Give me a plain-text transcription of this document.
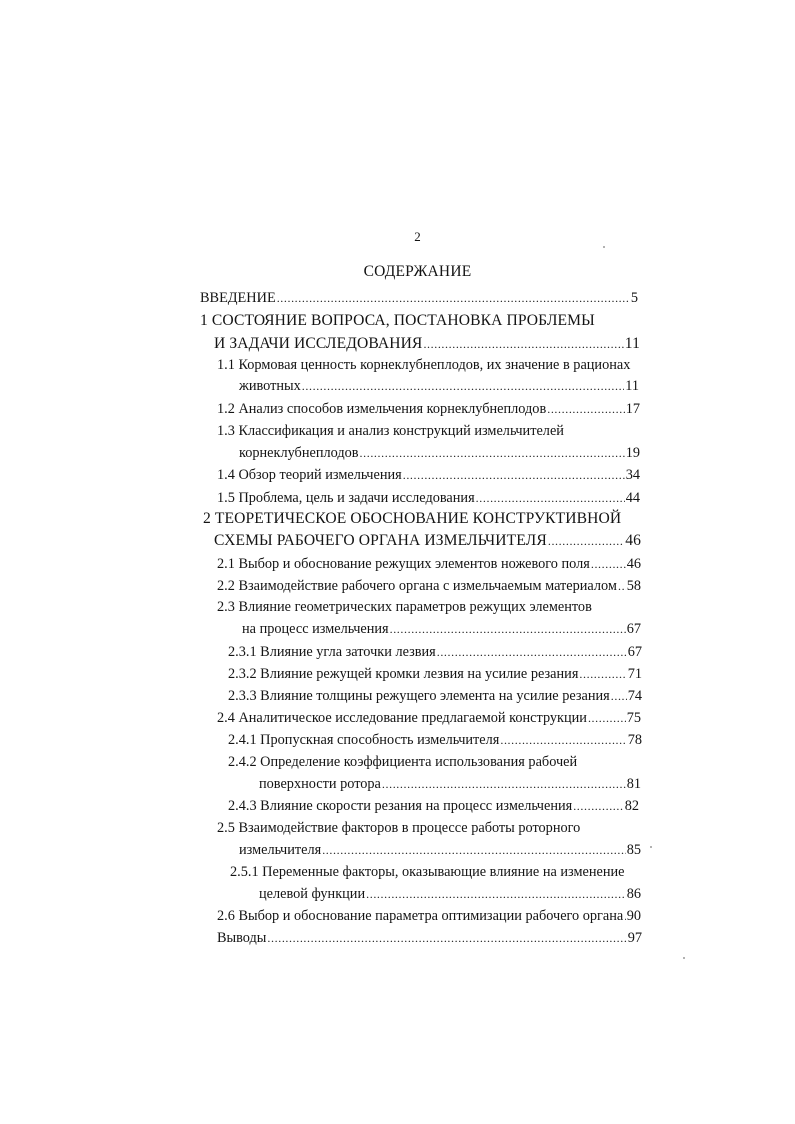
2
СОДЕРЖАНИЕ
ВВЕДЕНИЕ .....	5
1 СОСТОЯНИЕ ВОПРОСА, ПОСТАНОВКА ПРОБЛЕМЫ
И ЗАДАЧИ ИССЛЕДОВАНИЯ .....	11
1.1 Кормовая ценность корнеклубнеплодов, их значение в рационах
животных .....	11
1.2 Анализ способов измельчения корнеклубнеплодов .....	17
1.3 Классификация и анализ конструкций измельчителей
корнеклубнеплодов .....	19
1.4 Обзор теорий измельчения .....	34
1.5 Проблема, цель и задачи исследования .....	44
2 ТЕОРЕТИЧЕСКОЕ ОБОСНОВАНИЕ КОНСТРУКТИВНОЙ
СХЕМЫ РАБОЧЕГО ОРГАНА ИЗМЕЛЬЧИТЕЛЯ .....	46
2.1 Выбор и обоснование режущих элементов ножевого поля .....	46
2.2 Взаимодействие рабочего органа с измельчаемым материалом ..... 58
2.3 Влияние геометрических параметров режущих элементов
на процесс измельчения .....	67
2.3.1 Влияние угла заточки лезвия .....	67
2.3.2 Влияние режущей кромки лезвия на усилие резания .....	71
2.3.3 Влияние толщины режущего элемента на усилие резания ..... 74
2.4 Аналитическое исследование предлагаемой конструкции .....	75
2.4.1 Пропускная способность измельчителя .....	78
2.4.2 Определение коэффициента использования рабочей
поверхности ротора .....	81
2.4.3 Влияние скорости резания на процесс измельчения .....	82
2.5 Взаимодействие факторов в процессе работы роторного
измельчителя .....	85
2.5.1 Переменные факторы, оказывающие влияние на изменение
целевой функции .....	86
2.6 Выбор и обоснование параметра оптимизации рабочего органа ..... 90
Выводы .....	97
